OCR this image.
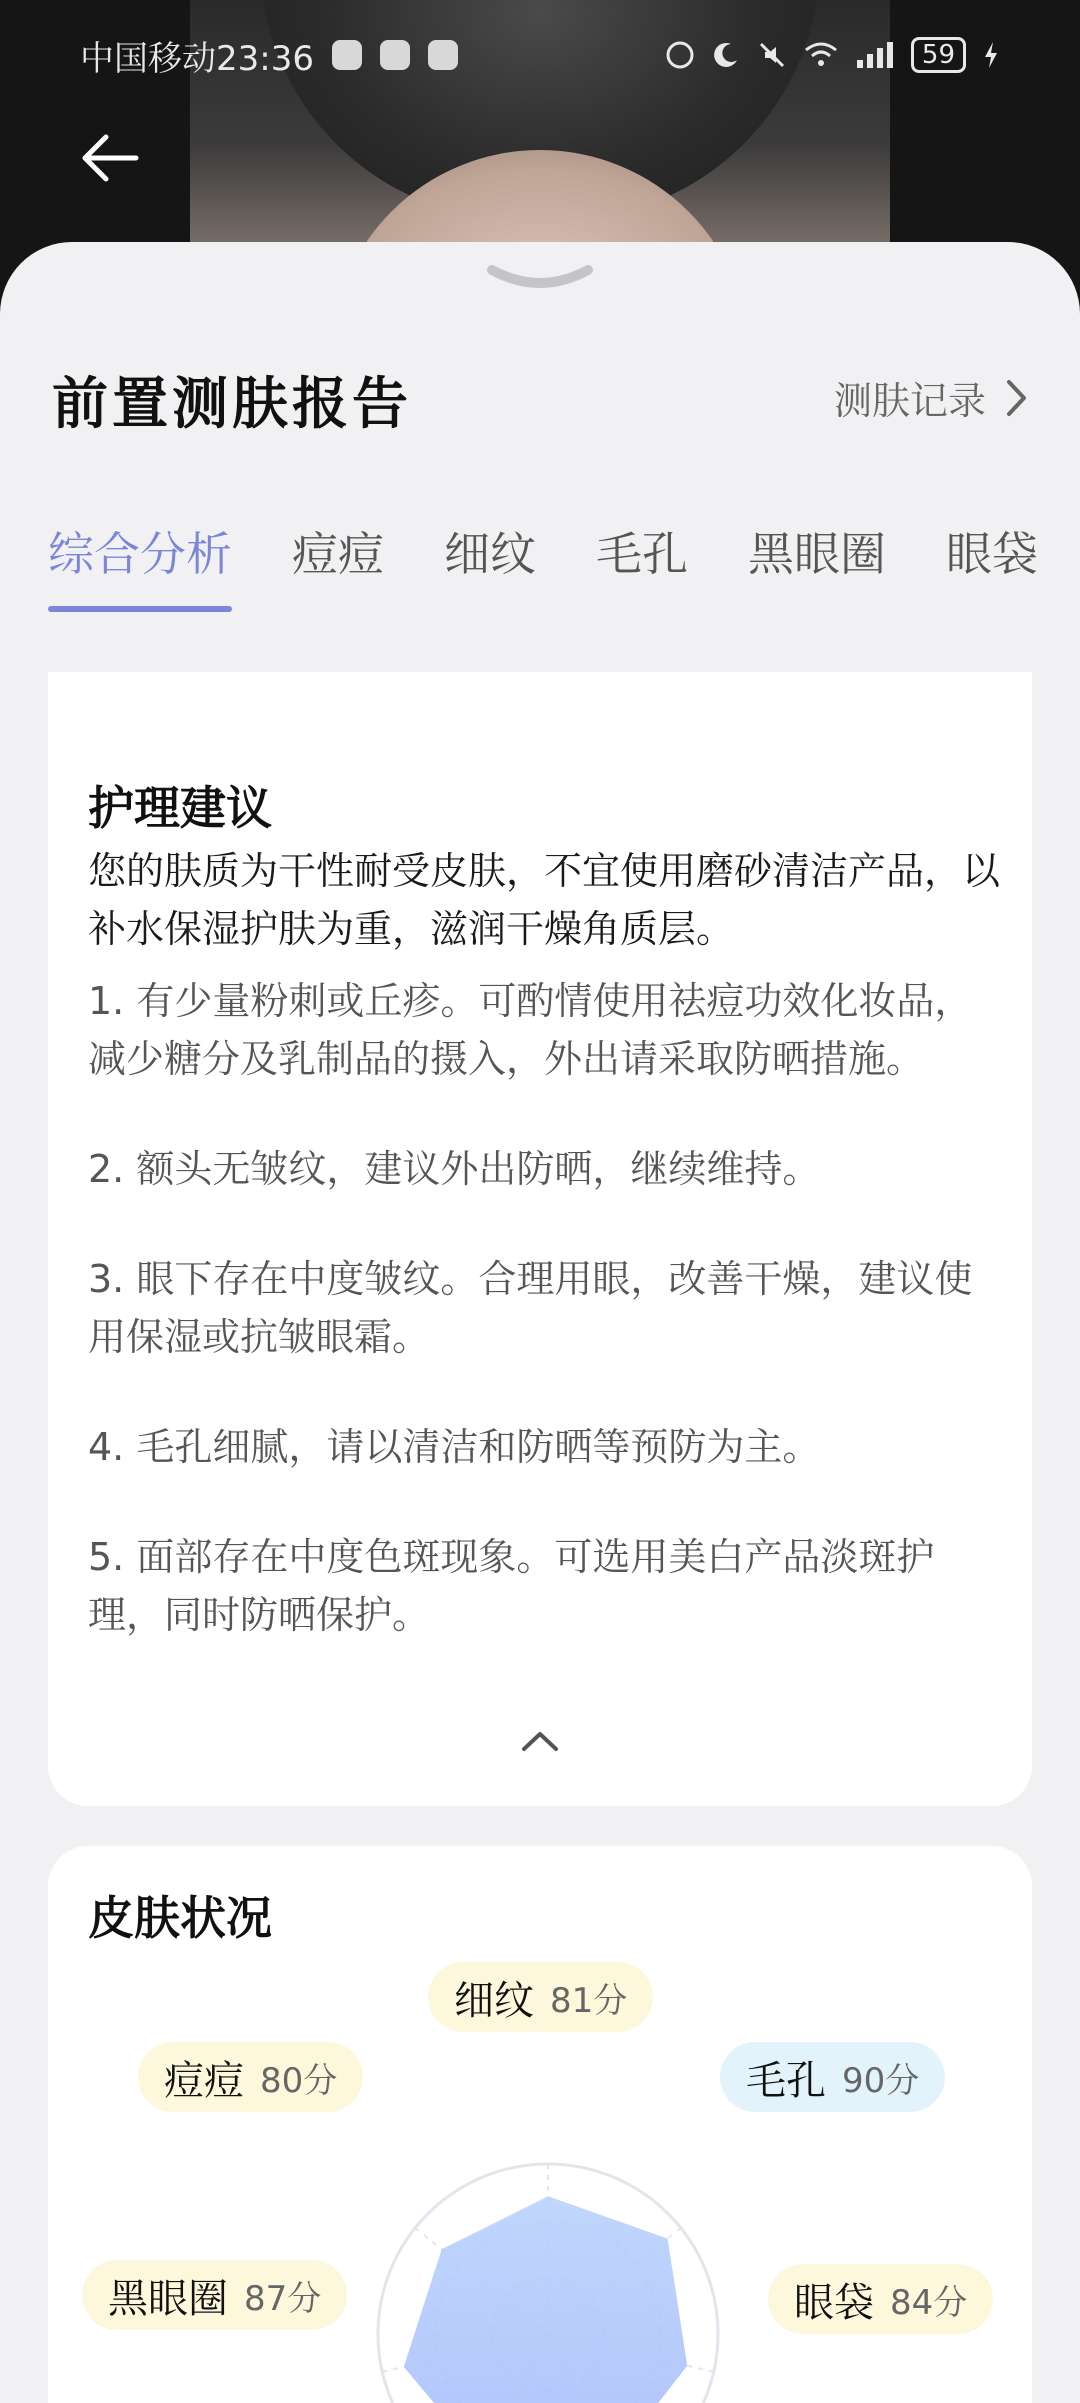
中国移动23:36	59
前置测肤报告	测肤记录
综合分析 痘痘 细纹 毛孔 黑眼圈 眼袋
护理建议

您的肤质为干性耐受皮肤，不宜使用磨砂清洁产品，以补水保湿护肤为重，滋润干燥角质层。

1. 有少量粉刺或丘疹。可酌情使用祛痘功效化妆品，减少糖分及乳制品的摄入，外出请采取防晒措施。

2. 额头无皱纹，建议外出防晒，继续维持。

3. 眼下存在中度皱纹。合理用眼，改善干燥，建议使用保湿或抗皱眼霜。

4. 毛孔细腻，请以清洁和防晒等预防为主。

5. 面部存在中度色斑现象。可选用美白产品淡斑护理，同时防晒保护。

皮肤状况
细纹 81分
痘痘 80分	毛孔 90分
黑眼圈 87分	眼袋 84分
